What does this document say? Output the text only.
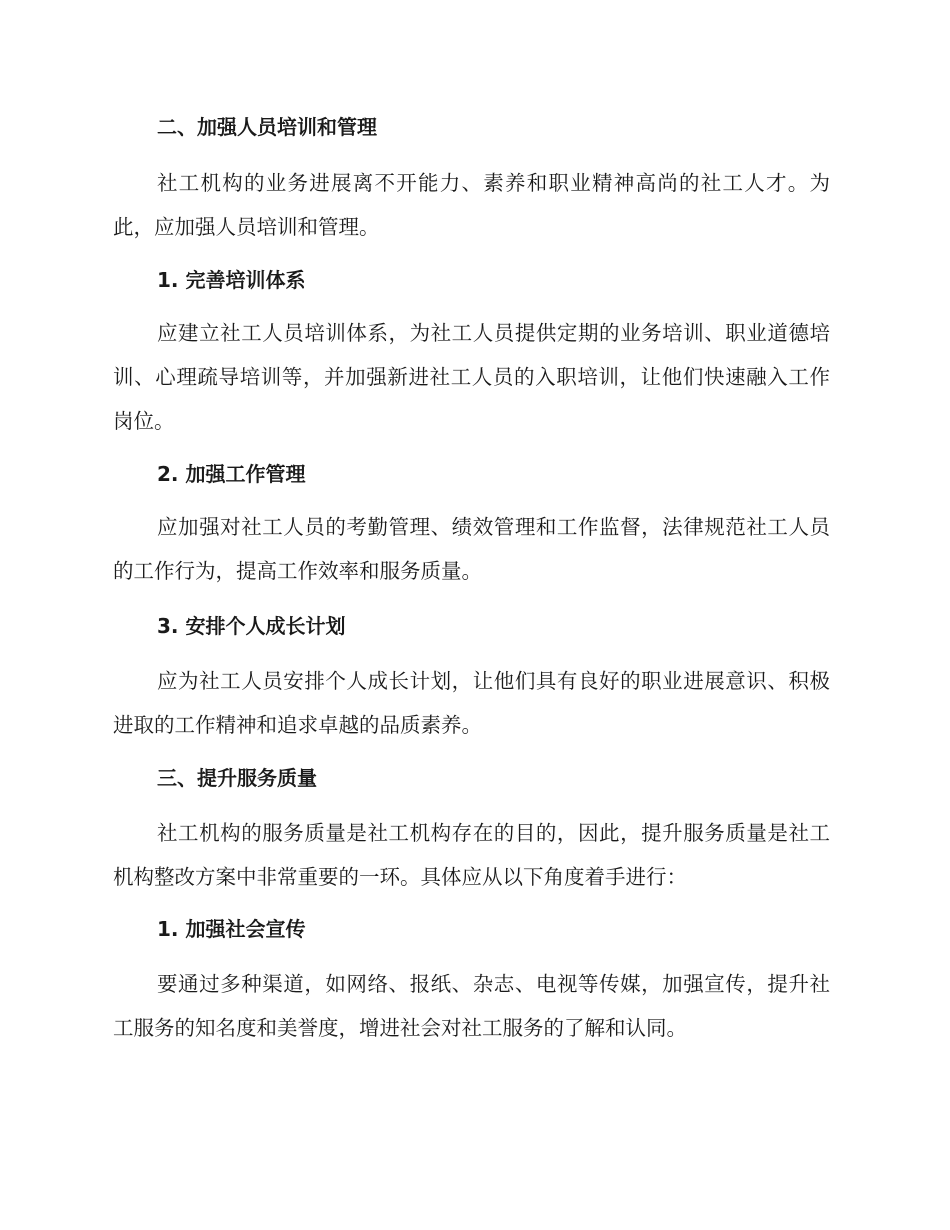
二、加强人员培训和管理
社工机构的业务进展离不开能力、素养和职业精神高尚的社工人才。为此，应加强人员培训和管理。
1. 完善培训体系
应建立社工人员培训体系，为社工人员提供定期的业务培训、职业道德培训、心理疏导培训等，并加强新进社工人员的入职培训，让他们快速融入工作岗位。
2. 加强工作管理
应加强对社工人员的考勤管理、绩效管理和工作监督，法律规范社工人员的工作行为，提高工作效率和服务质量。
3. 安排个人成长计划
应为社工人员安排个人成长计划，让他们具有良好的职业进展意识、积极进取的工作精神和追求卓越的品质素养。
三、提升服务质量
社工机构的服务质量是社工机构存在的目的，因此，提升服务质量是社工机构整改方案中非常重要的一环。具体应从以下角度着手进行：
1. 加强社会宣传
要通过多种渠道，如网络、报纸、杂志、电视等传媒，加强宣传，提升社工服务的知名度和美誉度，增进社会对社工服务的了解和认同。
